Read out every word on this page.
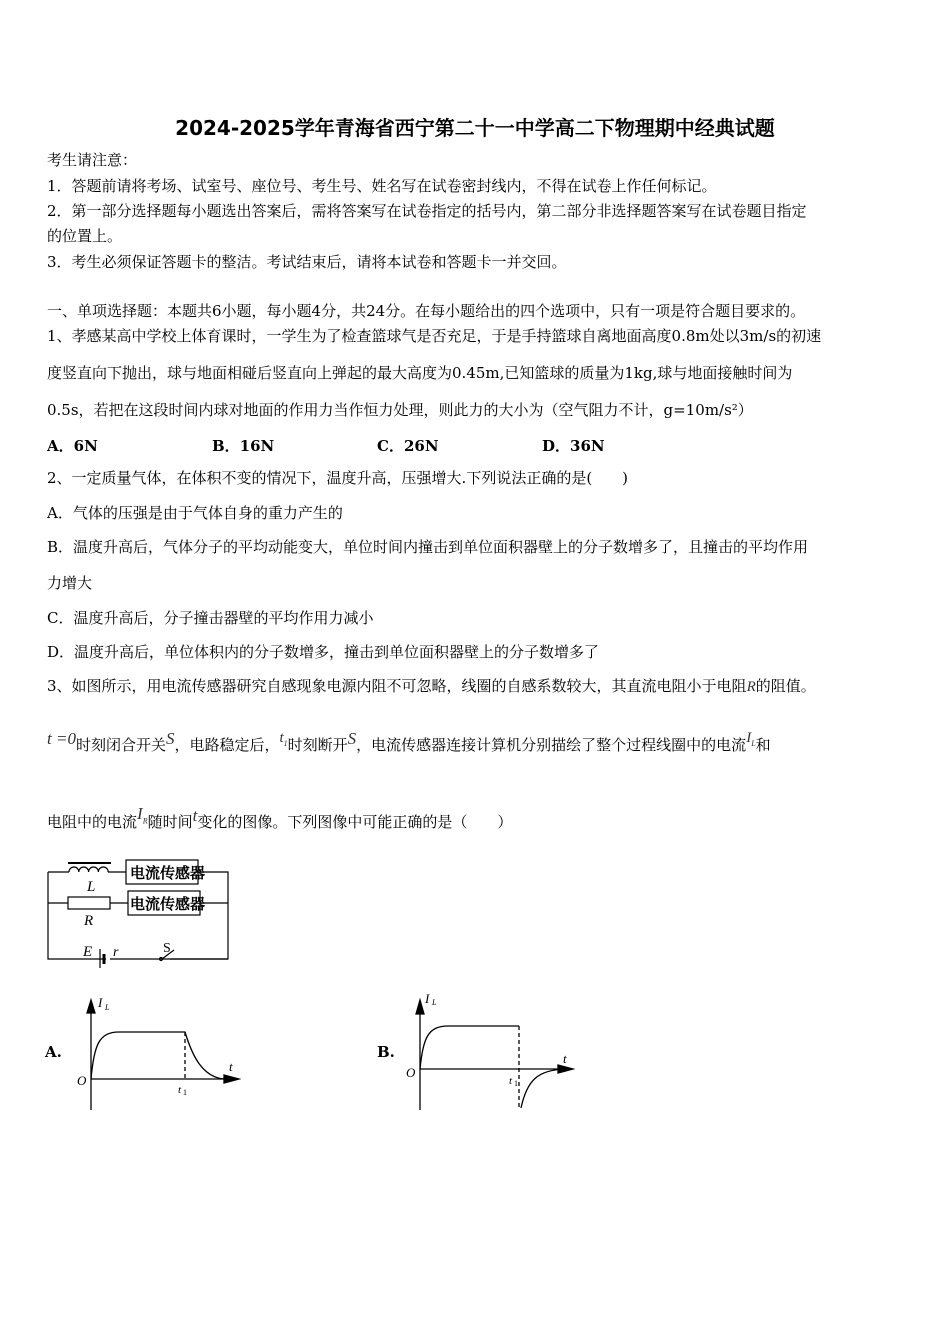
2024-2025学年青海省西宁第二十一中学高二下物理期中经典试题
考生请注意：
1．答题前请将考场、试室号、座位号、考生号、姓名写在试卷密封线内，不得在试卷上作任何标记。
2．第一部分选择题每小题选出答案后，需将答案写在试卷指定的括号内，第二部分非选择题答案写在试卷题目指定
的位置上。
3．考生必须保证答题卡的整洁。考试结束后，请将本试卷和答题卡一并交回。
一、单项选择题：本题共6小题，每小题4分，共24分。在每小题给出的四个选项中，只有一项是符合题目要求的。
1、孝感某高中学校上体育课时，一学生为了检查篮球气是否充足，于是手持篮球自离地面高度0.8m处以3m/s的初速
度竖直向下抛出，球与地面相碰后竖直向上弹起的最大高度为0.45m,已知篮球的质量为1kg,球与地面接触时间为
0.5s，若把在这段时间内球对地面的作用力当作恒力处理，则此力的大小为（空气阻力不计，g=10m/s²）
A．6N	B．16N	C．26N	D．36N
2、一定质量气体，在体积不变的情况下，温度升高，压强增大.下列说法正确的是(　　)
A．气体的压强是由于气体自身的重力产生的
B．温度升高后，气体分子的平均动能变大，单位时间内撞击到单位面积器壁上的分子数增多了，且撞击的平均作用
力增大
C．温度升高后，分子撞击器壁的平均作用力减小
D．温度升高后，单位体积内的分子数增多，撞击到单位面积器壁上的分子数增多了
3、如图所示，用电流传感器研究自感现象电源内阻不可忽略，线圈的自感系数较大，其直流电阻小于电阻R的阻值。
t =0时刻闭合开关S，电路稳定后，$t_1$时刻断开S，电流传感器连接计算机分别描绘了整个过程线圈中的电流$I_L$和
电阻中的电流$I_R$随时间t变化的图像。下列图像中可能正确的是（　　）
电流传感器
电流传感器
L
R
E r	S
A.
I L
t
O
t 1
B.
I L
t
O
t 1
